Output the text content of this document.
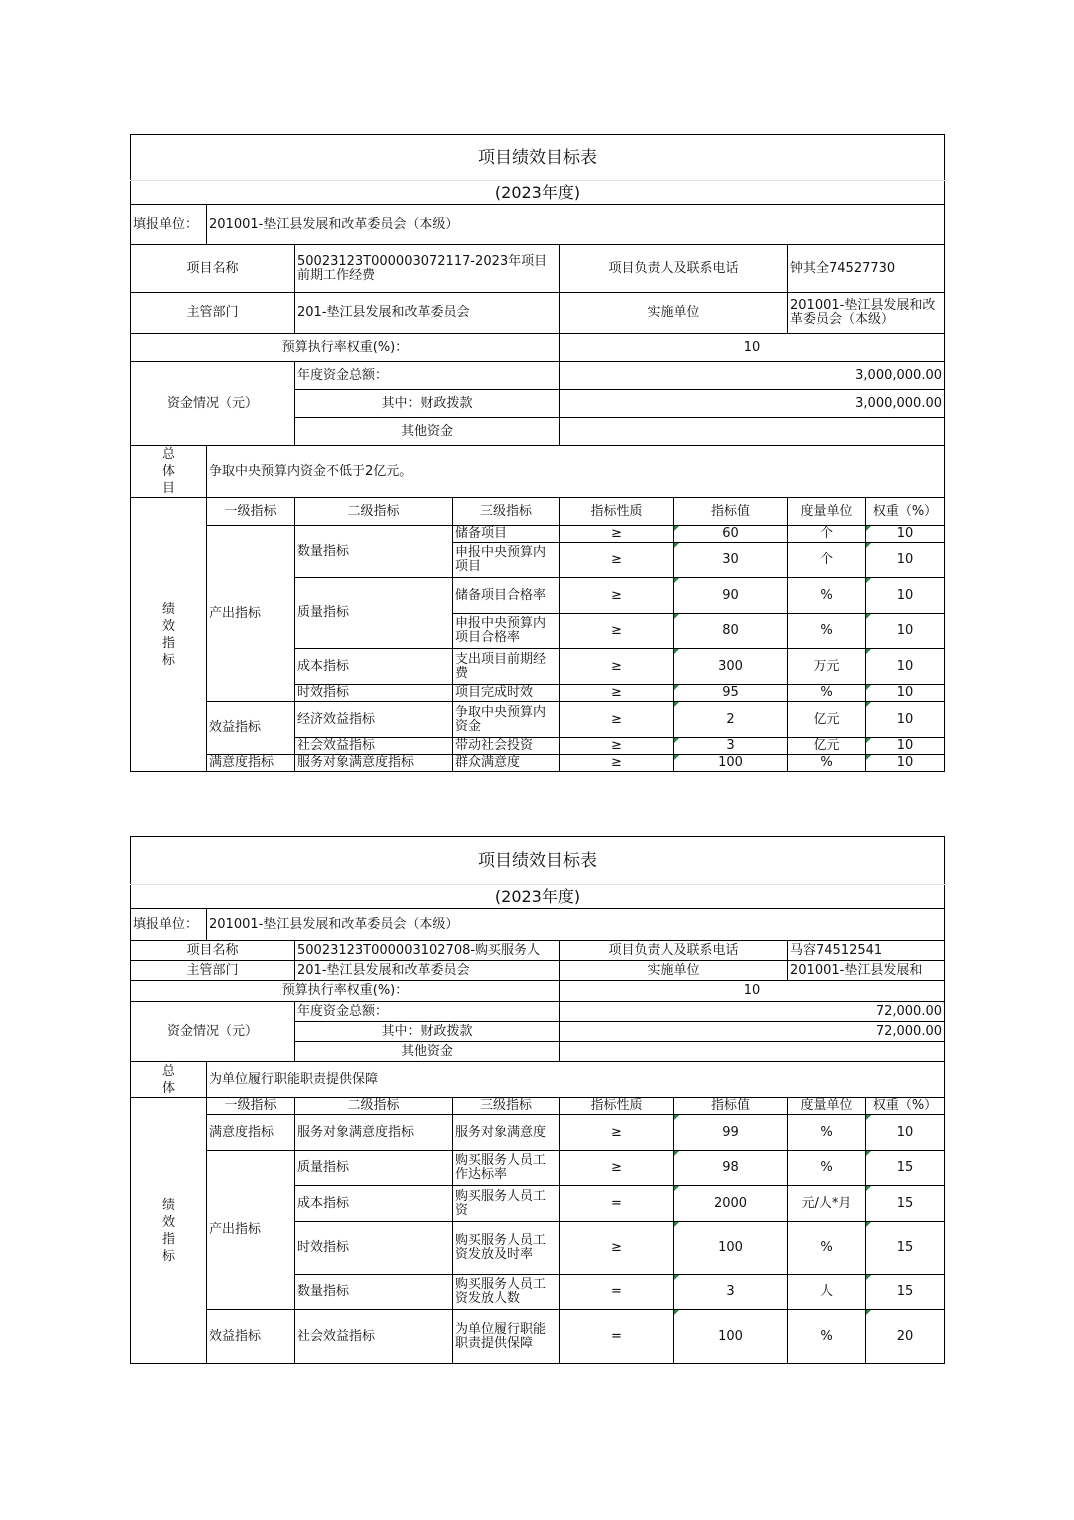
项目绩效目标表							
(2023年度)							
填报单位：	201001-垫江县发展和改革委员会（本级）						
项目名称		50023123T000003072117-2023年项目前期工作经费		项目负责人及联系电话		钟其全74527730	
主管部门		201-垫江县发展和改革委员会		实施单位		201001-垫江县发展和改革委员会（本级）	
预算执行率权重(%)：				10			
资金情况（元）		年度资金总额：		3,000,000.00			
		其中：财政拨款		3,000,000.00			
		其他资金					
总体目	争取中央预算内资金不低于2亿元。						
绩效指标	一级指标	二级指标	三级指标	指标性质	指标值	度量单位	权重（%）
	产出指标	数量指标	储备项目	≥	60	个	10
			申报中央预算内项目	≥	30	个	10
		质量指标	储备项目合格率	≥	90	%	10
			申报中央预算内项目合格率	≥	80	%	10
		成本指标	支出项目前期经费	≥	300	万元	10
		时效指标	项目完成时效	≥	95	%	10
	效益指标	经济效益指标	争取中央预算内资金	≥	2	亿元	10
		社会效益指标	带动社会投资	≥	3	亿元	10
	满意度指标	服务对象满意度指标	群众满意度	≥	100	%	10
项目绩效目标表							
(2023年度)							
填报单位：	201001-垫江县发展和改革委员会（本级）						
项目名称		50023123T000003102708-购买服务人		项目负责人及联系电话		马容74512541	
主管部门		201-垫江县发展和改革委员会		实施单位		201001-垫江县发展和	
预算执行率权重(%)：				10			
资金情况（元）		年度资金总额：		72,000.00			
		其中：财政拨款		72,000.00			
		其他资金					
总体	为单位履行职能职责提供保障						
绩效指标	一级指标	二级指标	三级指标	指标性质	指标值	度量单位	权重（%）
	满意度指标	服务对象满意度指标	服务对象满意度	≥	99	%	10
	产出指标	质量指标	购买服务人员工作达标率	≥	98	%	15
		成本指标	购买服务人员工资	=	2000	元/人*月	15
		时效指标	购买服务人员工资发放及时率	≥	100	%	15
		数量指标	购买服务人员工资发放人数	=	3	人	15
	效益指标	社会效益指标	为单位履行职能职责提供保障	=	100	%	20
